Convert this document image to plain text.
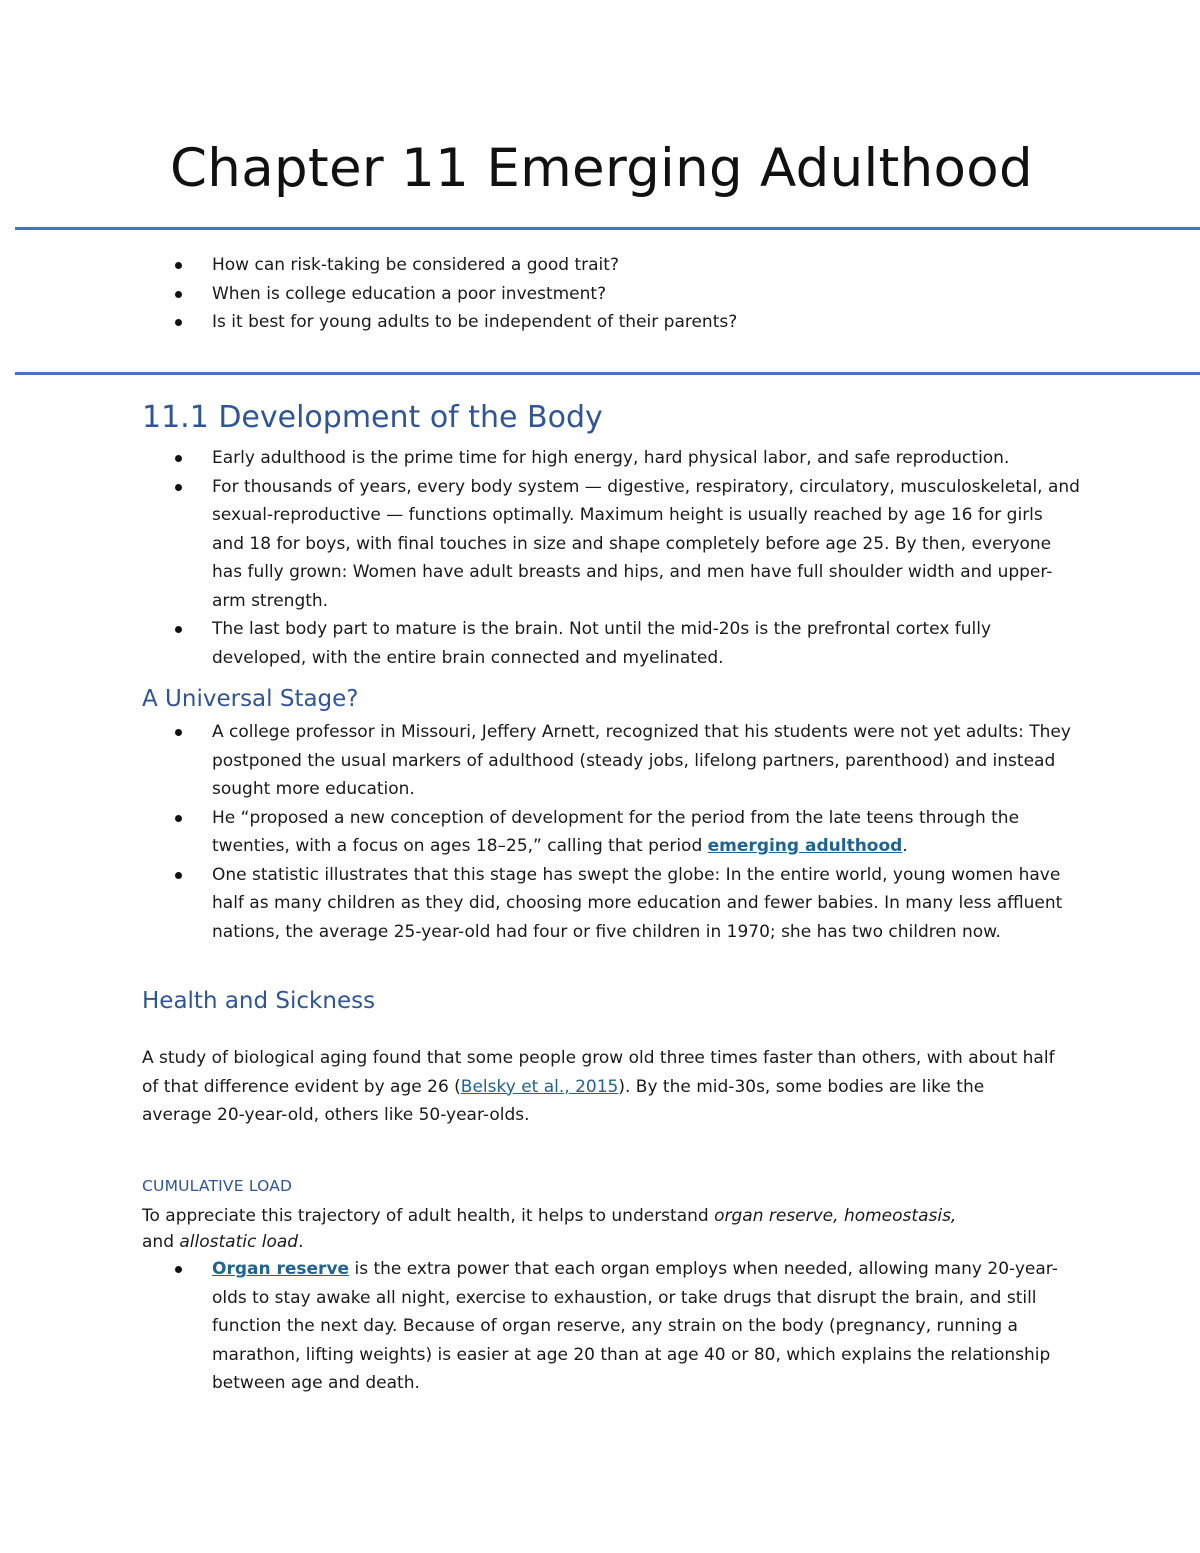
Chapter 11 Emerging Adulthood
How can risk-taking be considered a good trait?
When is college education a poor investment?
Is it best for young adults to be independent of their parents?
11.1 Development of the Body
Early adulthood is the prime time for high energy, hard physical labor, and safe reproduction.
For thousands of years, every body system — digestive, respiratory, circulatory, musculoskeletal, and sexual-reproductive — functions optimally. Maximum height is usually reached by age 16 for girls and 18 for boys, with final touches in size and shape completely before age 25. By then, everyone has fully grown: Women have adult breasts and hips, and men have full shoulder width and upper-arm strength.
The last body part to mature is the brain. Not until the mid-20s is the prefrontal cortex fully developed, with the entire brain connected and myelinated.
A Universal Stage?
A college professor in Missouri, Jeffery Arnett, recognized that his students were not yet adults: They postponed the usual markers of adulthood (steady jobs, lifelong partners, parenthood) and instead sought more education.
He “proposed a new conception of development for the period from the late teens through the twenties, with a focus on ages 18–25,” calling that period emerging adulthood.
One statistic illustrates that this stage has swept the globe: In the entire world, young women have half as many children as they did, choosing more education and fewer babies. In many less affluent nations, the average 25-year-old had four or five children in 1970; she has two children now.
Health and Sickness
A study of biological aging found that some people grow old three times faster than others, with about half of that difference evident by age 26 (Belsky et al., 2015). By the mid-30s, some bodies are like the average 20-year-old, others like 50-year-olds.
CUMULATIVE LOAD
To appreciate this trajectory of adult health, it helps to understand organ reserve, homeostasis,
and allostatic load.
Organ reserve is the extra power that each organ employs when needed, allowing many 20-year-olds to stay awake all night, exercise to exhaustion, or take drugs that disrupt the brain, and still function the next day. Because of organ reserve, any strain on the body (pregnancy, running a marathon, lifting weights) is easier at age 20 than at age 40 or 80, which explains the relationship between age and death.
